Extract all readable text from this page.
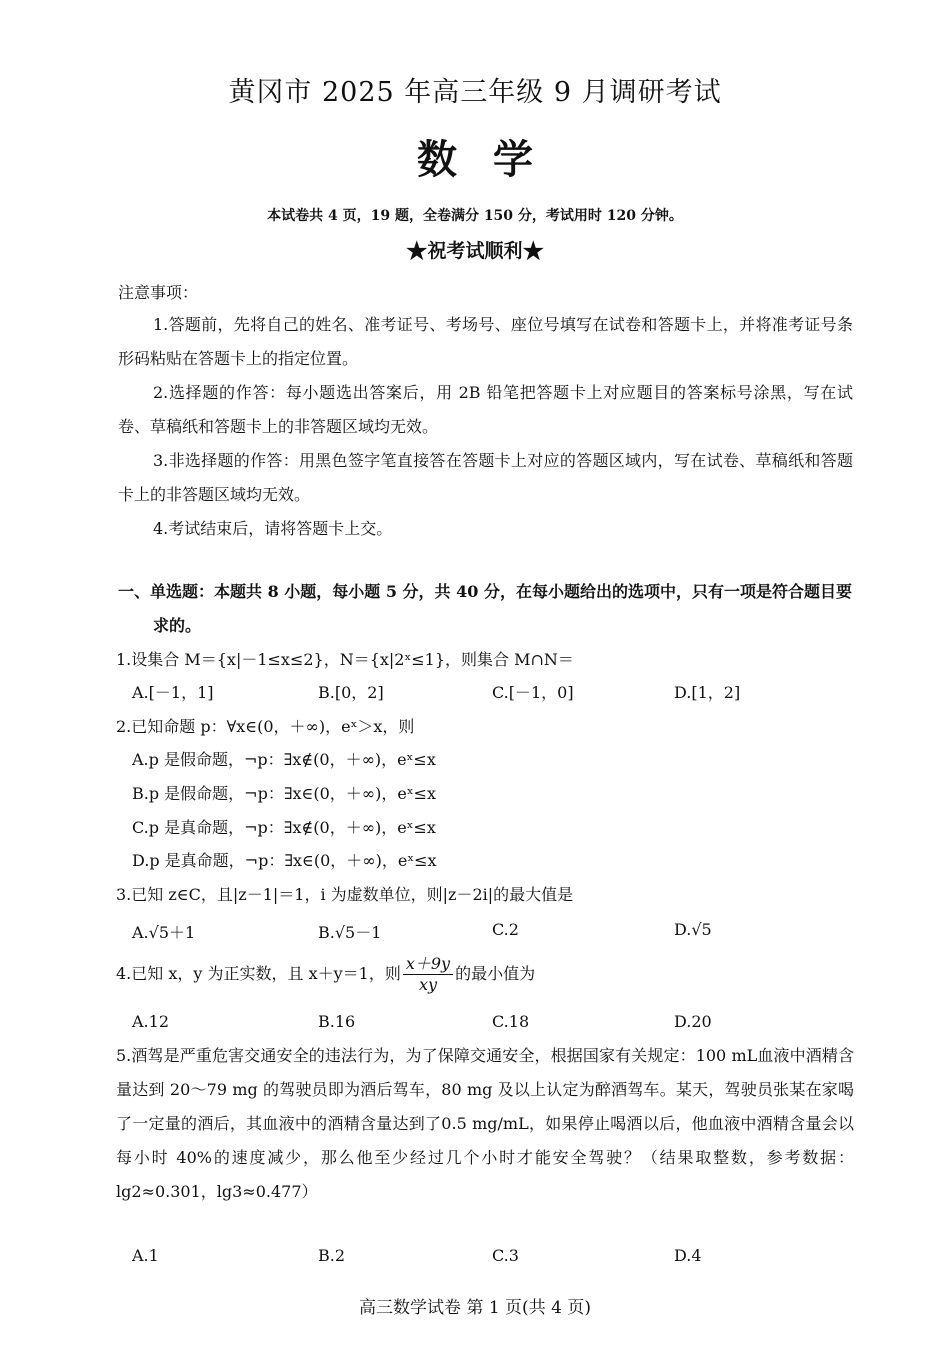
黄冈市 2025 年高三年级 9 月调研考试
数学
本试卷共 4 页，19 题，全卷满分 150 分，考试用时 120 分钟。
★祝考试顺利★
注意事项：
1.答题前，先将自己的姓名、准考证号、考场号、座位号填写在试卷和答题卡上，并将准考证号条形码粘贴在答题卡上的指定位置。
2.选择题的作答：每小题选出答案后，用 2B 铅笔把答题卡上对应题目的答案标号涂黑，写在试卷、草稿纸和答题卡上的非答题区域均无效。
3.非选择题的作答：用黑色签字笔直接答在答题卡上对应的答题区域内，写在试卷、草稿纸和答题卡上的非答题区域均无效。
4.考试结束后，请将答题卡上交。
一、单选题：本题共 8 小题，每小题 5 分，共 40 分，在每小题给出的选项中，只有一项是符合题目要求的。
1.设集合 M＝{x|－1≤x≤2}，N＝{x|2ˣ≤1}，则集合 M∩N＝
A.[－1，1]	B.[0，2]	C.[－1，0]	D.[1，2]
2.已知命题 p：∀x∈(0，＋∞)，eˣ＞x，则
A.p 是假命题，¬p：∃x∉(0，＋∞)，eˣ≤x
B.p 是假命题，¬p：∃x∈(0，＋∞)，eˣ≤x
C.p 是真命题，¬p：∃x∉(0，＋∞)，eˣ≤x
D.p 是真命题，¬p：∃x∈(0，＋∞)，eˣ≤x
3.已知 z∈C，且|z－1|＝1，i 为虚数单位，则|z－2i|的最大值是
A.√5＋1	B.√5－1	C.2	D.√5
4.已知 x，y 为正实数，且 x＋y＝1，则 $\frac{x+9y}{xy}$ 的最小值为
A.12	B.16	C.18	D.20
5.酒驾是严重危害交通安全的违法行为，为了保障交通安全，根据国家有关规定：100 mL血液中酒精含量达到 20～79 mg 的驾驶员即为酒后驾车，80 mg 及以上认定为醉酒驾车。某天，驾驶员张某在家喝了一定量的酒后，其血液中的酒精含量达到了0.5 mg/mL，如果停止喝酒以后，他血液中酒精含量会以每小时 40%的速度减少，那么他至少经过几个小时才能安全驾驶？（结果取整数，参考数据：lg2≈0.301，lg3≈0.477）
A.1	B.2	C.3	D.4
高三数学试卷 第 1 页(共 4 页)
